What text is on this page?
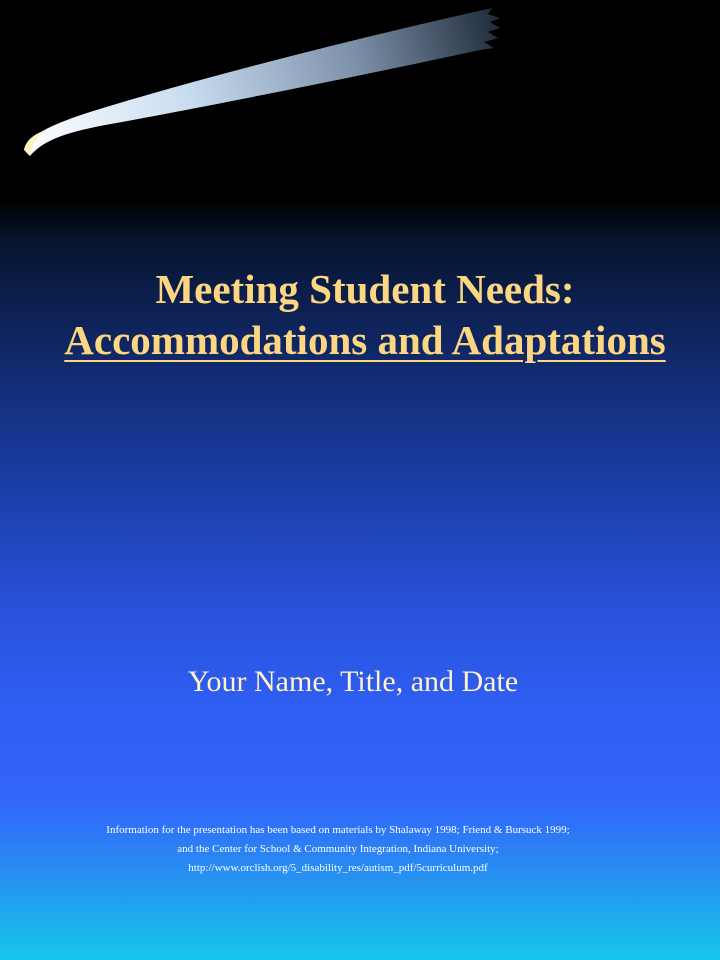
Meeting Student Needs:
Accommodations and Adaptations
Your Name, Title, and Date
Information for the presentation has been based on materials by Shalaway 1998; Friend & Bursuck 1999;
and the Center for School & Community Integration, Indiana University;
http://www.orclish.org/5_disability_res/autism_pdf/5curriculum.pdf
